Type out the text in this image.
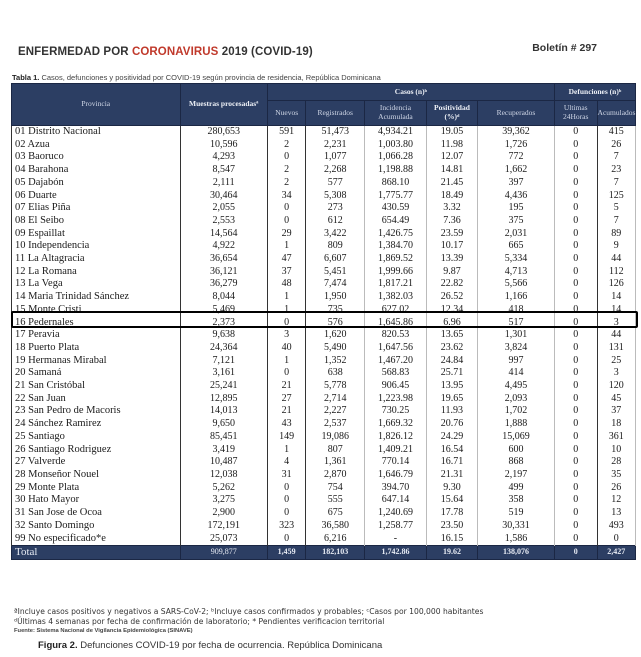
ENFERMEDAD POR CORONAVIRUS 2019 (COVID-19)	Boletín # 297
Tabla 1. Casos, defunciones y positividad por COVID-19 según provincia de residencia, República Dominicana
Provincia	Muestras procesadasª	Casos (n)ᵇ					Defunciones (n)ᵇ	
		Nuevos	Registrados	Incidencia Acumulada	Positividad (%)ᵈ	Recuperados	Ultimas 24Horas	Acumulados
01 Distrito Nacional	280,653	591	51,473	4,934.21	19.05	39,362	0	415
02 Azua	10,596	2	2,231	1,003.80	11.98	1,726	0	26
03 Baoruco	4,293	0	1,077	1,066.28	12.07	772	0	7
04 Barahona	8,547	2	2,268	1,198.88	14.81	1,662	0	23
05 Dajabón	2,111	2	577	868.10	21.45	397	0	7
06 Duarte	30,464	34	5,308	1,775.77	18.49	4,436	0	125
07 Elias Piña	2,055	0	273	430.59	3.32	195	0	5
08 El Seibo	2,553	0	612	654.49	7.36	375	0	7
09 Espaillat	14,564	29	3,422	1,426.75	23.59	2,031	0	89
10 Independencia	4,922	1	809	1,384.70	10.17	665	0	9
11 La Altagracia	36,654	47	6,607	1,869.52	13.39	5,334	0	44
12 La Romana	36,121	37	5,451	1,999.66	9.87	4,713	0	112
13 La Vega	36,279	48	7,474	1,817.21	22.82	5,566	0	126
14 Maria Trinidad Sánchez	8,044	1	1,950	1,382.03	26.52	1,166	0	14
15 Monte Cristi	5,469	1	735	627.02	12.34	418	0	14
16 Pedernales	2,373	0	576	1,645.86	6.96	517	0	3
17 Peravia	9,638	3	1,620	820.53	13.65	1,301	0	44
18 Puerto Plata	24,364	40	5,490	1,647.56	23.62	3,824	0	131
19 Hermanas Mirabal	7,121	1	1,352	1,467.20	24.84	997	0	25
20 Samaná	3,161	0	638	568.83	25.71	414	0	3
21 San Cristóbal	25,241	21	5,778	906.45	13.95	4,495	0	120
22 San Juan	12,895	27	2,714	1,223.98	19.65	2,093	0	45
23 San Pedro de Macoris	14,013	21	2,227	730.25	11.93	1,702	0	37
24 Sánchez Ramirez	9,650	43	2,537	1,669.32	20.76	1,888	0	18
25 Santiago	85,451	149	19,086	1,826.12	24.29	15,069	0	361
26 Santiago Rodriguez	3,419	1	807	1,409.21	16.54	600	0	10
27 Valverde	10,487	4	1,361	770.14	16.71	868	0	28
28 Monseñor Nouel	12,038	31	2,870	1,646.79	21.31	2,197	0	35
29 Monte Plata	5,262	0	754	394.70	9.30	499	0	26
30 Hato Mayor	3,275	0	555	647.14	15.64	358	0	12
31 San Jose de Ocoa	2,900	0	675	1,240.69	17.78	519	0	13
32 Santo Domingo	172,191	323	36,580	1,258.77	23.50	30,331	0	493
99 No especificado*e	25,073	0	6,216	-	16.15	1,586	0	0
Total	909,877	1,459	182,103	1,742.86	19.62	138,076	0	2,427
ªIncluye casos positivos y negativos a SARS-CoV-2; ᵇIncluye casos confirmados y probables; ᶜCasos por 100,000 habitantes
ᵈÚltimas 4 semanas por fecha de confirmación de laboratorio; * Pendientes verificacion territorial
Fuente: Sistema Nacional de Vigilancia Epidemiológica (SINAVE)
Figura 2. Defunciones COVID-19 por fecha de ocurrencia. República Dominicana
